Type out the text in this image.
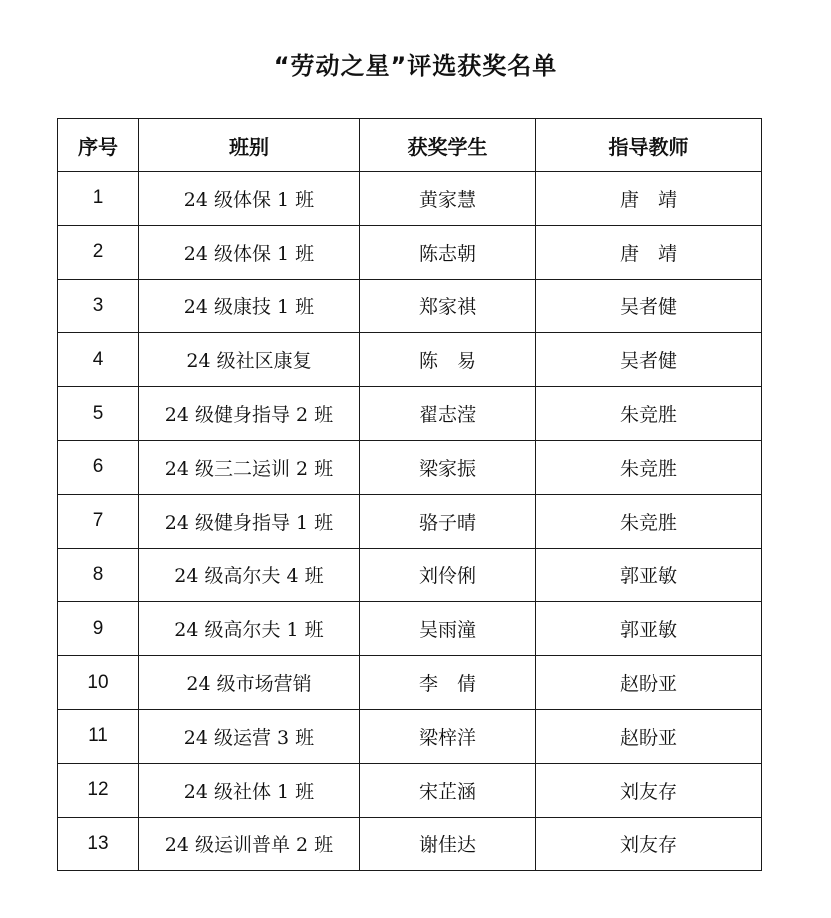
“劳动之星”评选获奖名单
序号	班别	获奖学生	指导教师
1	24 级体保 1 班	黄家慧	唐　靖
2	24 级体保 1 班	陈志朝	唐　靖
3	24 级康技 1 班	郑家祺	吴者健
4	24 级社区康复	陈　易	吴者健
5	24 级健身指导 2 班	翟志滢	朱竞胜
6	24 级三二运训 2 班	梁家振	朱竞胜
7	24 级健身指导 1 班	骆子晴	朱竞胜
8	24 级高尔夫 4 班	刘伶俐	郭亚敏
9	24 级高尔夫 1 班	吴雨潼	郭亚敏
10	24 级市场营销	李　倩	赵盼亚
11	24 级运营 3 班	梁梓洋	赵盼亚
12	24 级社体 1 班	宋芷涵	刘友存
13	24 级运训普单 2 班	谢佳达	刘友存
